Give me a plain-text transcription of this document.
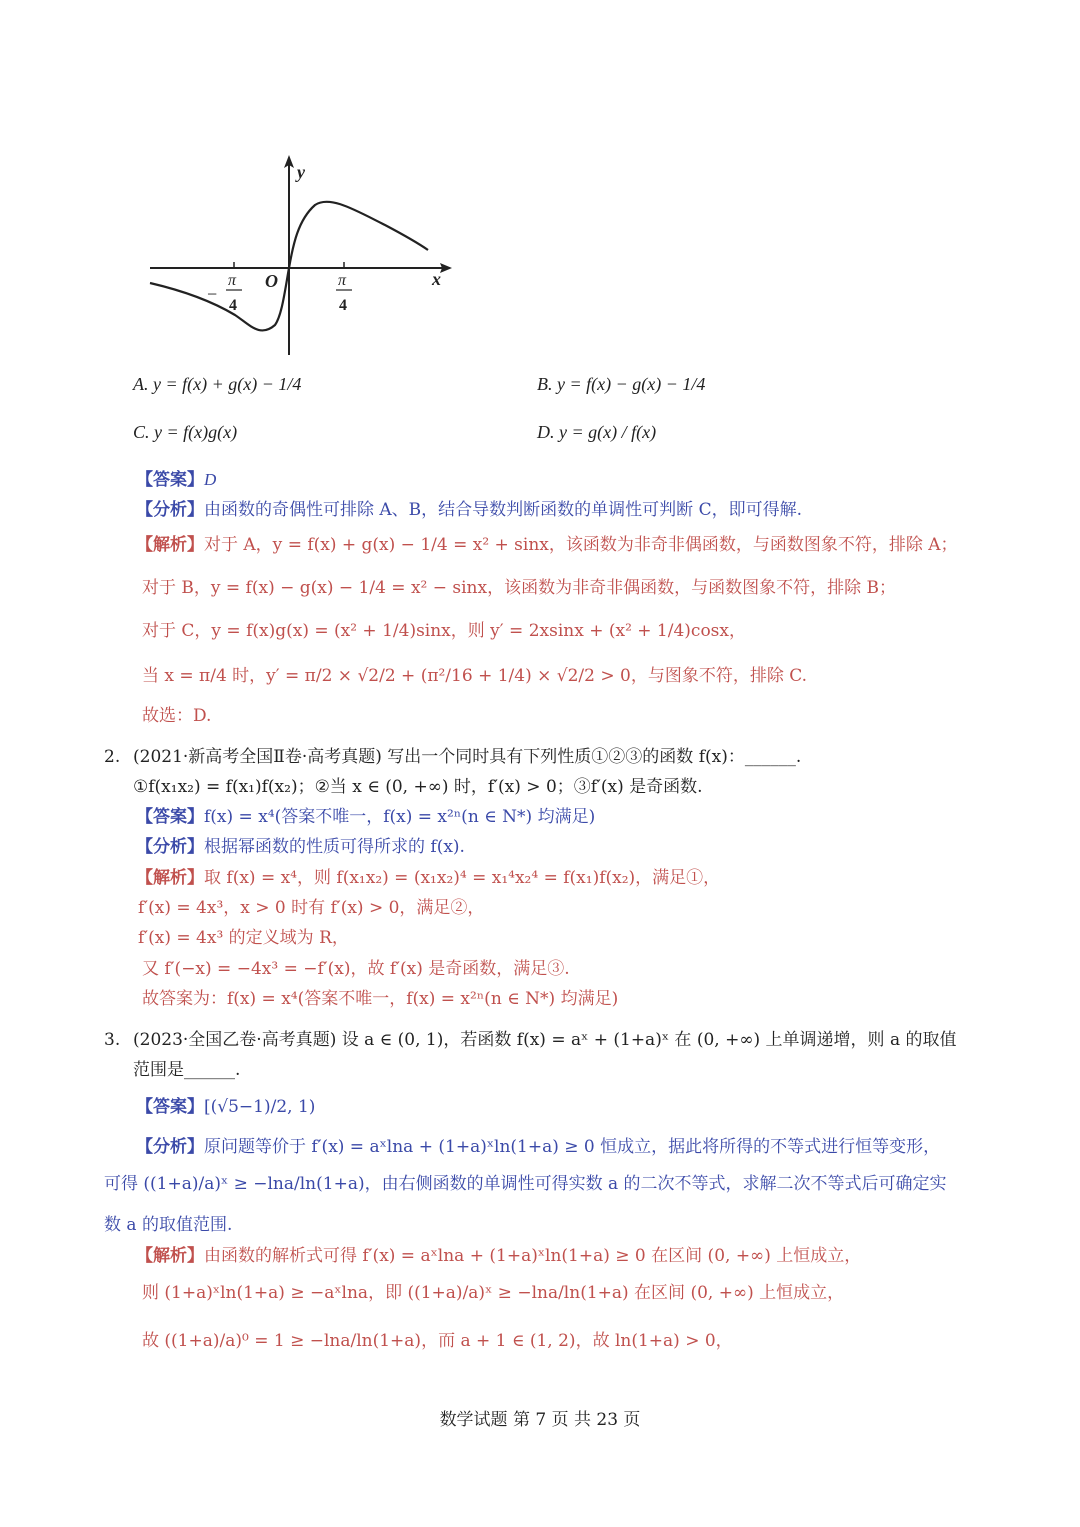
y
x
O
−
π
4
π
4
A. y = f(x) + g(x) − 1/4	B. y = f(x) − g(x) − 1/4
C. y = f(x)g(x)	D. y = g(x) / f(x)
【答案】D
【分析】由函数的奇偶性可排除 A、B，结合导数判断函数的单调性可判断 C，即可得解.
【解析】对于 A，y = f(x) + g(x) − 1/4 = x² + sinx，该函数为非奇非偶函数，与函数图象不符，排除 A；
对于 B，y = f(x) − g(x) − 1/4 = x² − sinx，该函数为非奇非偶函数，与函数图象不符，排除 B；
对于 C，y = f(x)g(x) = (x² + 1/4)sinx，则 y′ = 2xsinx + (x² + 1/4)cosx，
当 x = π/4 时，y′ = π/2 × √2/2 + (π²/16 + 1/4) × √2/2 > 0，与图象不符，排除 C.
故选：D.
2. (2021·新高考全国Ⅱ卷·高考真题) 写出一个同时具有下列性质①②③的函数 f(x)：______.
①f(x₁x₂) = f(x₁)f(x₂)；②当 x ∈ (0, +∞) 时，f′(x) > 0；③f′(x) 是奇函数.
【答案】f(x) = x⁴(答案不唯一，f(x) = x²ⁿ(n ∈ N*) 均满足)
【分析】根据幂函数的性质可得所求的 f(x).
【解析】取 f(x) = x⁴，则 f(x₁x₂) = (x₁x₂)⁴ = x₁⁴x₂⁴ = f(x₁)f(x₂)，满足①，
f′(x) = 4x³，x > 0 时有 f′(x) > 0，满足②，
f′(x) = 4x³ 的定义域为 R，
又 f′(−x) = −4x³ = −f′(x)，故 f′(x) 是奇函数，满足③.
故答案为：f(x) = x⁴(答案不唯一，f(x) = x²ⁿ(n ∈ N*) 均满足)
3. (2023·全国乙卷·高考真题) 设 a ∈ (0, 1)，若函数 f(x) = aˣ + (1+a)ˣ 在 (0, +∞) 上单调递增，则 a 的取值
范围是______.
【答案】[(√5−1)/2, 1)
【分析】原问题等价于 f′(x) = aˣlna + (1+a)ˣln(1+a) ≥ 0 恒成立，据此将所得的不等式进行恒等变形，
可得 ((1+a)/a)ˣ ≥ −lna/ln(1+a)，由右侧函数的单调性可得实数 a 的二次不等式，求解二次不等式后可确定实
数 a 的取值范围.
【解析】由函数的解析式可得 f′(x) = aˣlna + (1+a)ˣln(1+a) ≥ 0 在区间 (0, +∞) 上恒成立，
则 (1+a)ˣln(1+a) ≥ −aˣlna，即 ((1+a)/a)ˣ ≥ −lna/ln(1+a) 在区间 (0, +∞) 上恒成立，
故 ((1+a)/a)⁰ = 1 ≥ −lna/ln(1+a)，而 a + 1 ∈ (1, 2)，故 ln(1+a) > 0，
数学试题 第 7 页 共 23 页
